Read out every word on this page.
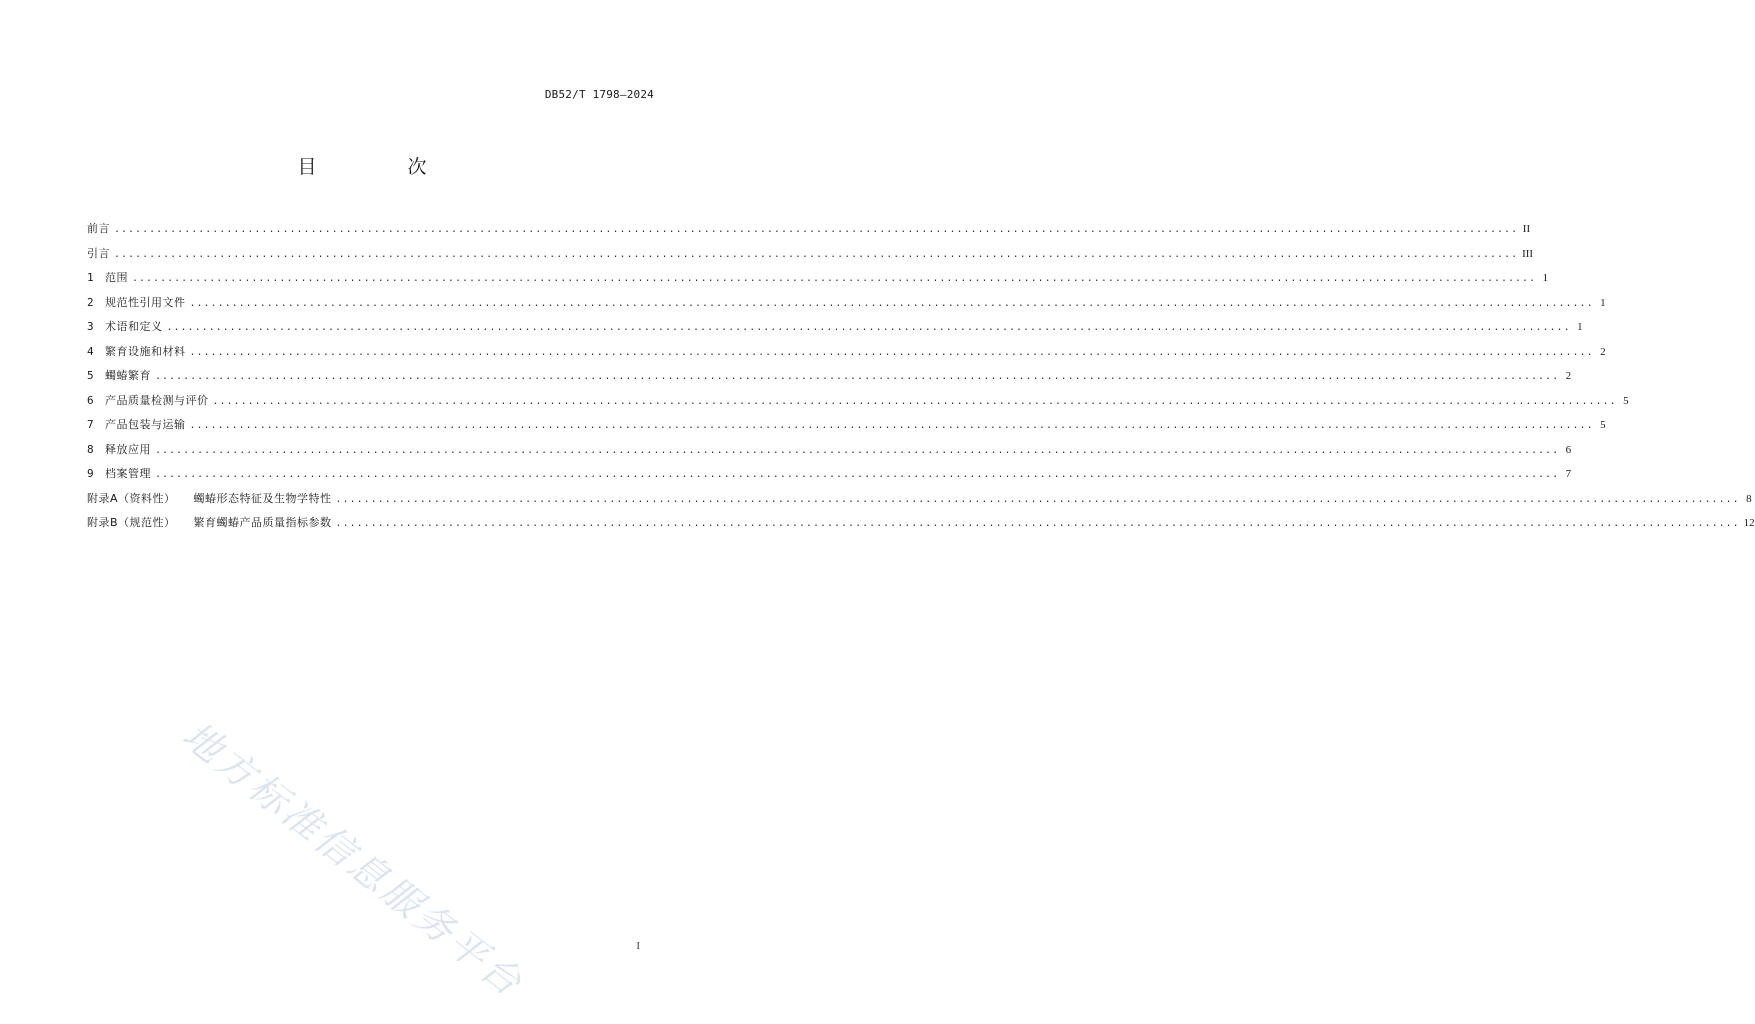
DB52/T 1798—2024
目　次
前言 ........................................................................................................................................................................................................ II
引言 ........................................................................................................................................................................................................ III
1	范围 ........................................................................................................................................................................................................ 1
2	规范性引用文件 ........................................................................................................................................................................................................ 1
3	术语和定义 ........................................................................................................................................................................................................ 1
4	繁育设施和材料 ........................................................................................................................................................................................................ 2
5	蠋蝽繁育 ........................................................................................................................................................................................................ 2
6	产品质量检测与评价 ........................................................................................................................................................................................................ 5
7	产品包装与运输 ........................................................................................................................................................................................................ 5
8	释放应用 ........................................................................................................................................................................................................ 6
9	档案管理 ........................................................................................................................................................................................................ 7
附录A（资料性） 蠋蝽形态特征及生物学特性 ........................................................................................................................................................................................................ 8
附录B（规范性） 繁育蠋蝽产品质量指标参数 ........................................................................................................................................................................................................ 12
地方标准信息服务平台	I
